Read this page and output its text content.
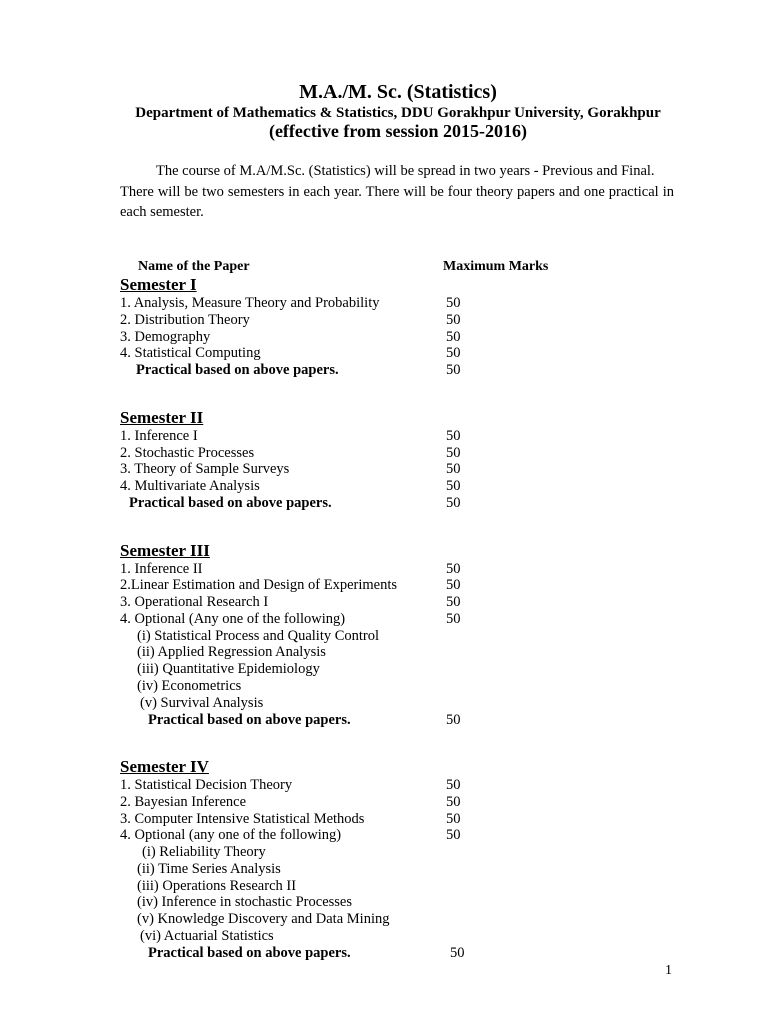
M.A./M. Sc. (Statistics)
Department of Mathematics & Statistics, DDU Gorakhpur University, Gorakhpur
(effective from session 2015-2016)

The course of M.A/M.Sc. (Statistics) will be spread in two years - Previous and Final.

There will be two semesters in each year. There will be four theory papers and one practical in each semester.

Name of the Paper	Maximum Marks
Semester I
1. Analysis, Measure Theory and Probability	50
2. Distribution Theory	50
3. Demography	50
4. Statistical Computing	50
Practical based on above papers.	50
Semester II
1. Inference I	50
2. Stochastic Processes	50
3. Theory of Sample Surveys	50
4. Multivariate Analysis	50
Practical based on above papers.	50
Semester III
1. Inference II	50
2.Linear Estimation and Design of Experiments	50
3. Operational Research I	50
4. Optional (Any one of the following)	50
(i) Statistical Process and Quality Control
(ii) Applied Regression Analysis
(iii) Quantitative Epidemiology
(iv) Econometrics
(v) Survival Analysis
Practical based on above papers.	50
Semester IV
1. Statistical Decision Theory	50
2. Bayesian Inference	50
3. Computer Intensive Statistical Methods	50
4. Optional (any one of the following)	50
(i) Reliability Theory
(ii) Time Series Analysis
(iii) Operations Research II
(iv) Inference in stochastic Processes
(v) Knowledge Discovery and Data Mining
(vi) Actuarial Statistics
Practical based on above papers.	50
1
